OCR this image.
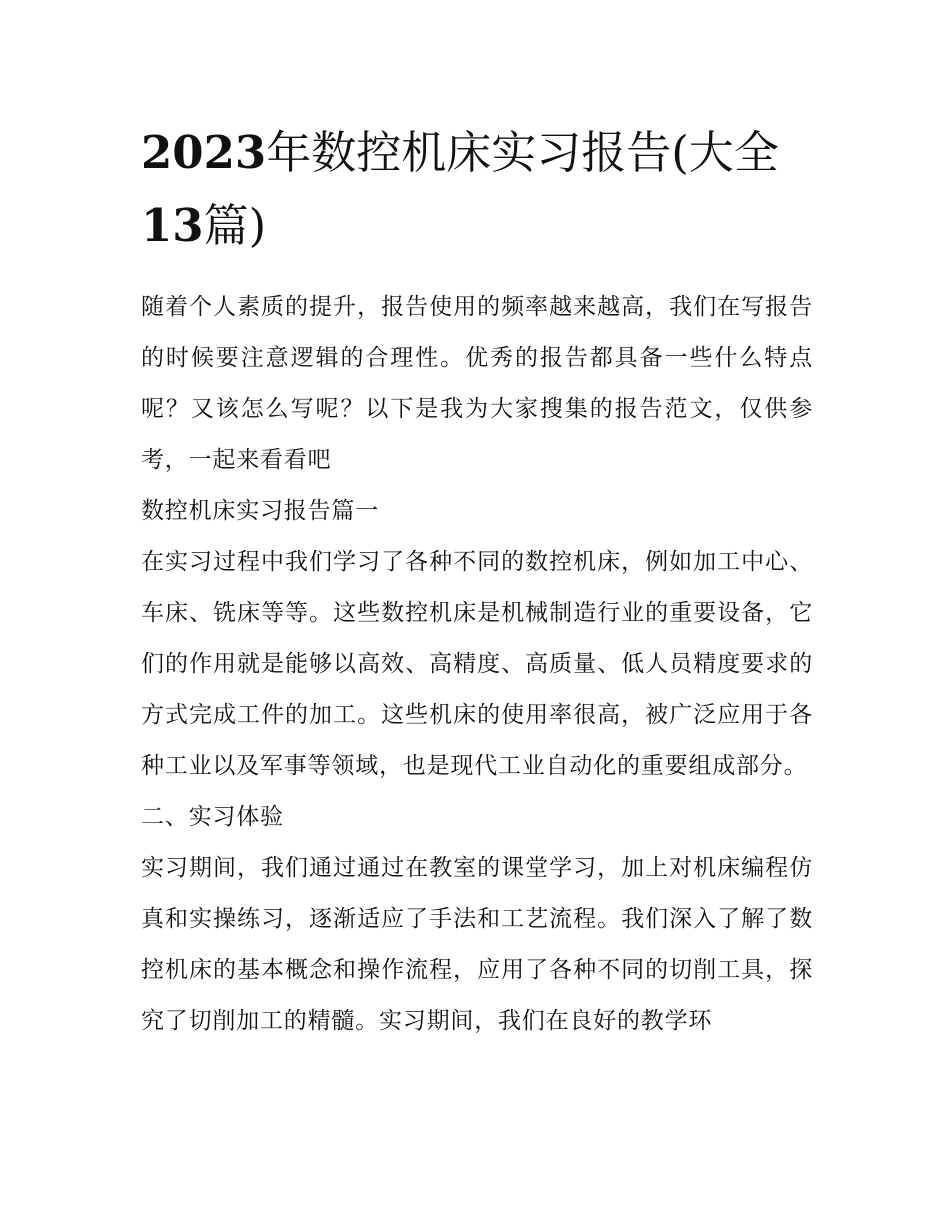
2023年数控机床实习报告(大全13篇)

随着个人素质的提升，报告使用的频率越来越高，我们在写报告的时候要注意逻辑的合理性。优秀的报告都具备一些什么特点呢？又该怎么写呢？以下是我为大家搜集的报告范文，仅供参考，一起来看看吧

数控机床实习报告篇一

在实习过程中我们学习了各种不同的数控机床，例如加工中心、车床、铣床等等。这些数控机床是机械制造行业的重要设备，它们的作用就是能够以高效、高精度、高质量、低人员精度要求的方式完成工件的加工。这些机床的使用率很高，被广泛应用于各种工业以及军事等领域，也是现代工业自动化的重要组成部分。

二、实习体验

实习期间，我们通过通过在教室的课堂学习，加上对机床编程仿真和实操练习，逐渐适应了手法和工艺流程。我们深入了解了数控机床的基本概念和操作流程，应用了各种不同的切削工具，探究了切削加工的精髓。实习期间，我们在良好的教学环
